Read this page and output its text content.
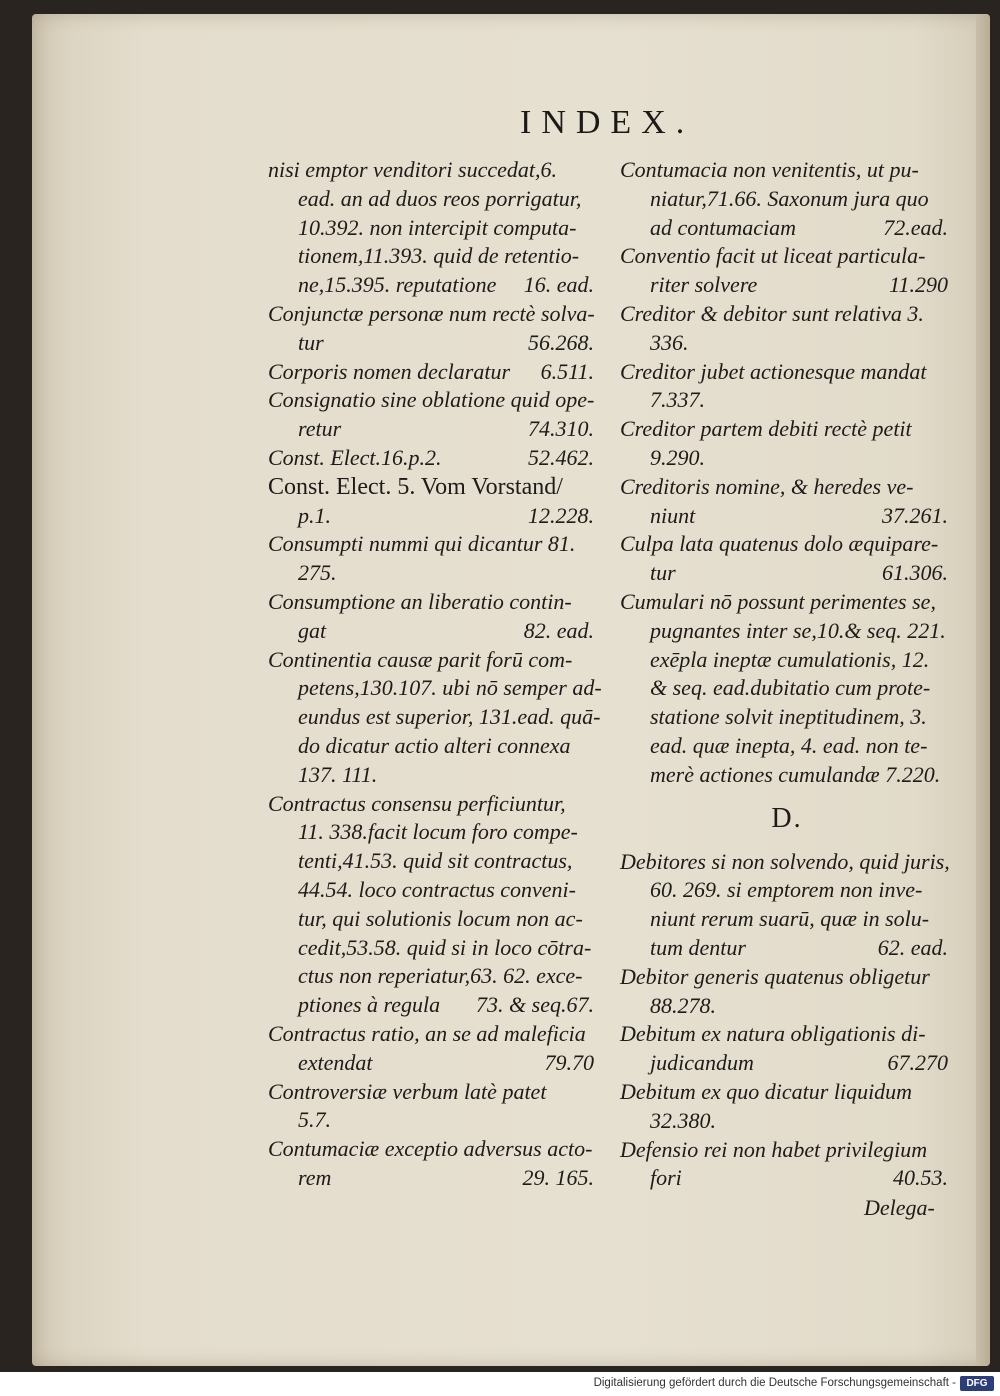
INDEX.
nisi emptor venditori succedat,6.
ead. an ad duos reos porrigatur,
10.392. non intercipit computa-
tionem,11.393. quid de retentio-
ne,15.395. reputatione 16. ead.
Conjunctæ personæ num rectè solva-
tur	56.268.
Corporis nomen declaratur 6.511.
Consignatio sine oblatione quid ope-
retur	74.310.
Const. Elect.16.p.2.	52.462.
Const. Elect. 5. Vom Vorstand/
p.1.	12.228.
Consumpti nummi qui dicantur 81.
275.
Consumptione an liberatio contin-
gat	82. ead.
Continentia causæ parit forū com-
petens,130.107. ubi nō semper ad-
eundus est superior, 131.ead. quā-
do dicatur actio alteri connexa
137. 111.
Contractus consensu perficiuntur,
11. 338.facit locum foro compe-
tenti,41.53. quid sit contractus,
44.54. loco contractus conveni-
tur, qui solutionis locum non ac-
cedit,53.58. quid si in loco cōtra-
ctus non reperiatur,63. 62. exce-
ptiones à regula 73. & seq.67.
Contractus ratio, an se ad maleficia
extendat	79.70
Controversiæ verbum latè patet
5.7.
Contumaciæ exceptio adversus acto-
rem	29. 165.
Contumacia non venitentis, ut pu-
niatur,71.66. Saxonum jura quo
ad contumaciam	72.ead.
Conventio facit ut liceat particula-
riter solvere	11.290
Creditor & debitor sunt relativa 3.
336.
Creditor jubet actionesque mandat
7.337.
Creditor partem debiti rectè petit
9.290.
Creditoris nomine, & heredes ve-
niunt	37.261.
Culpa lata quatenus dolo æquipare-
tur	61.306.
Cumulari nō possunt perimentes se,
pugnantes inter se,10.& seq. 221.
exēpla ineptæ cumulationis, 12.
& seq. ead.dubitatio cum prote-
statione solvit ineptitudinem, 3.
ead. quæ inepta, 4. ead. non te-
merè actiones cumulandæ 7.220.
D.
Debitores si non solvendo, quid juris,
60. 269. si emptorem non inve-
niunt rerum suarū, quæ in solu-
tum dentur	62. ead.
Debitor generis quatenus obligetur
88.278.
Debitum ex natura obligationis di-
judicandum	67.270
Debitum ex quo dicatur liquidum
32.380.
Defensio rei non habet privilegium
fori	40.53.
Delega-
Digitalisierung gefördert durch die Deutsche Forschungsgemeinschaft -	DFG
